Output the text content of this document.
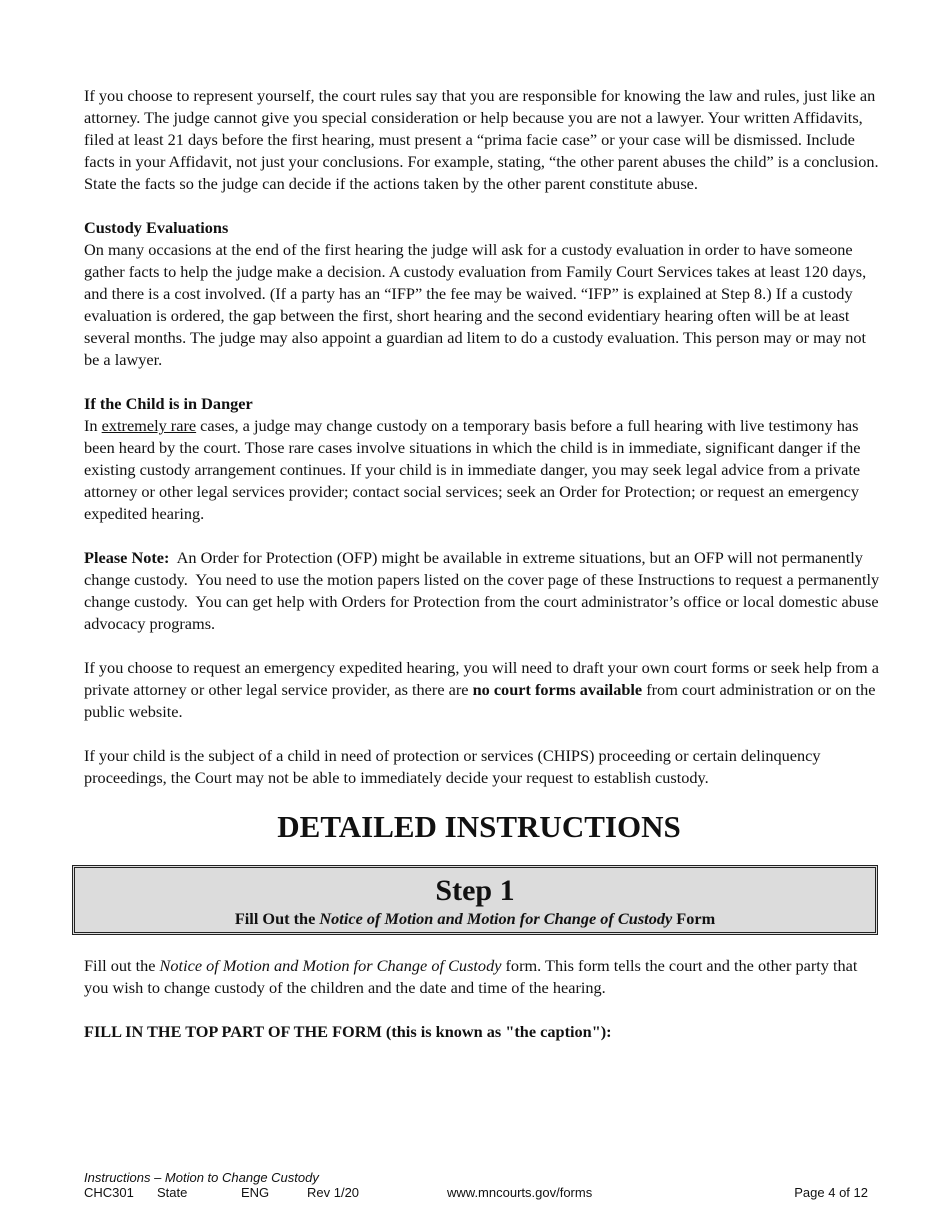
If you choose to represent yourself, the court rules say that you are responsible for knowing the law and rules, just like an attorney. The judge cannot give you special consideration or help because you are not a lawyer. Your written Affidavits, filed at least 21 days before the first hearing, must present a “prima facie case” or your case will be dismissed. Include facts in your Affidavit, not just your conclusions. For example, stating, “the other parent abuses the child” is a conclusion. State the facts so the judge can decide if the actions taken by the other parent constitute abuse.

Custody Evaluations

On many occasions at the end of the first hearing the judge will ask for a custody evaluation in order to have someone gather facts to help the judge make a decision. A custody evaluation from Family Court Services takes at least 120 days, and there is a cost involved. (If a party has an “IFP” the fee may be waived. “IFP” is explained at Step 8.) If a custody evaluation is ordered, the gap between the first, short hearing and the second evidentiary hearing often will be at least several months. The judge may also appoint a guardian ad litem to do a custody evaluation. This person may or may not be a lawyer.

If the Child is in Danger

In extremely rare cases, a judge may change custody on a temporary basis before a full hearing with live testimony has been heard by the court. Those rare cases involve situations in which the child is in immediate, significant danger if the existing custody arrangement continues. If your child is in immediate danger, you may seek legal advice from a private attorney or other legal services provider; contact social services; seek an Order for Protection; or request an emergency expedited hearing.

Please Note:  An Order for Protection (OFP) might be available in extreme situations, but an OFP will not permanently change custody.  You need to use the motion papers listed on the cover page of these Instructions to request a permanently change custody.  You can get help with Orders for Protection from the court administrator’s office or local domestic abuse advocacy programs.

If you choose to request an emergency expedited hearing, you will need to draft your own court forms or seek help from a private attorney or other legal service provider, as there are no court forms available from court administration or on the public website.

If your child is the subject of a child in need of protection or services (CHIPS) proceeding or certain delinquency proceedings, the Court may not be able to immediately decide your request to establish custody.

DETAILED INSTRUCTIONS
Step 1
Fill Out the Notice of Motion and Motion for Change of Custody Form

Fill out the Notice of Motion and Motion for Change of Custody form. This form tells the court and the other party that you wish to change custody of the children and the date and time of the hearing.

FILL IN THE TOP PART OF THE FORM (this is known as "the caption"):

Instructions – Motion to Change Custody
CHC301 State	ENG	Rev 1/20	www.mncourts.gov/forms	Page 4 of 12
